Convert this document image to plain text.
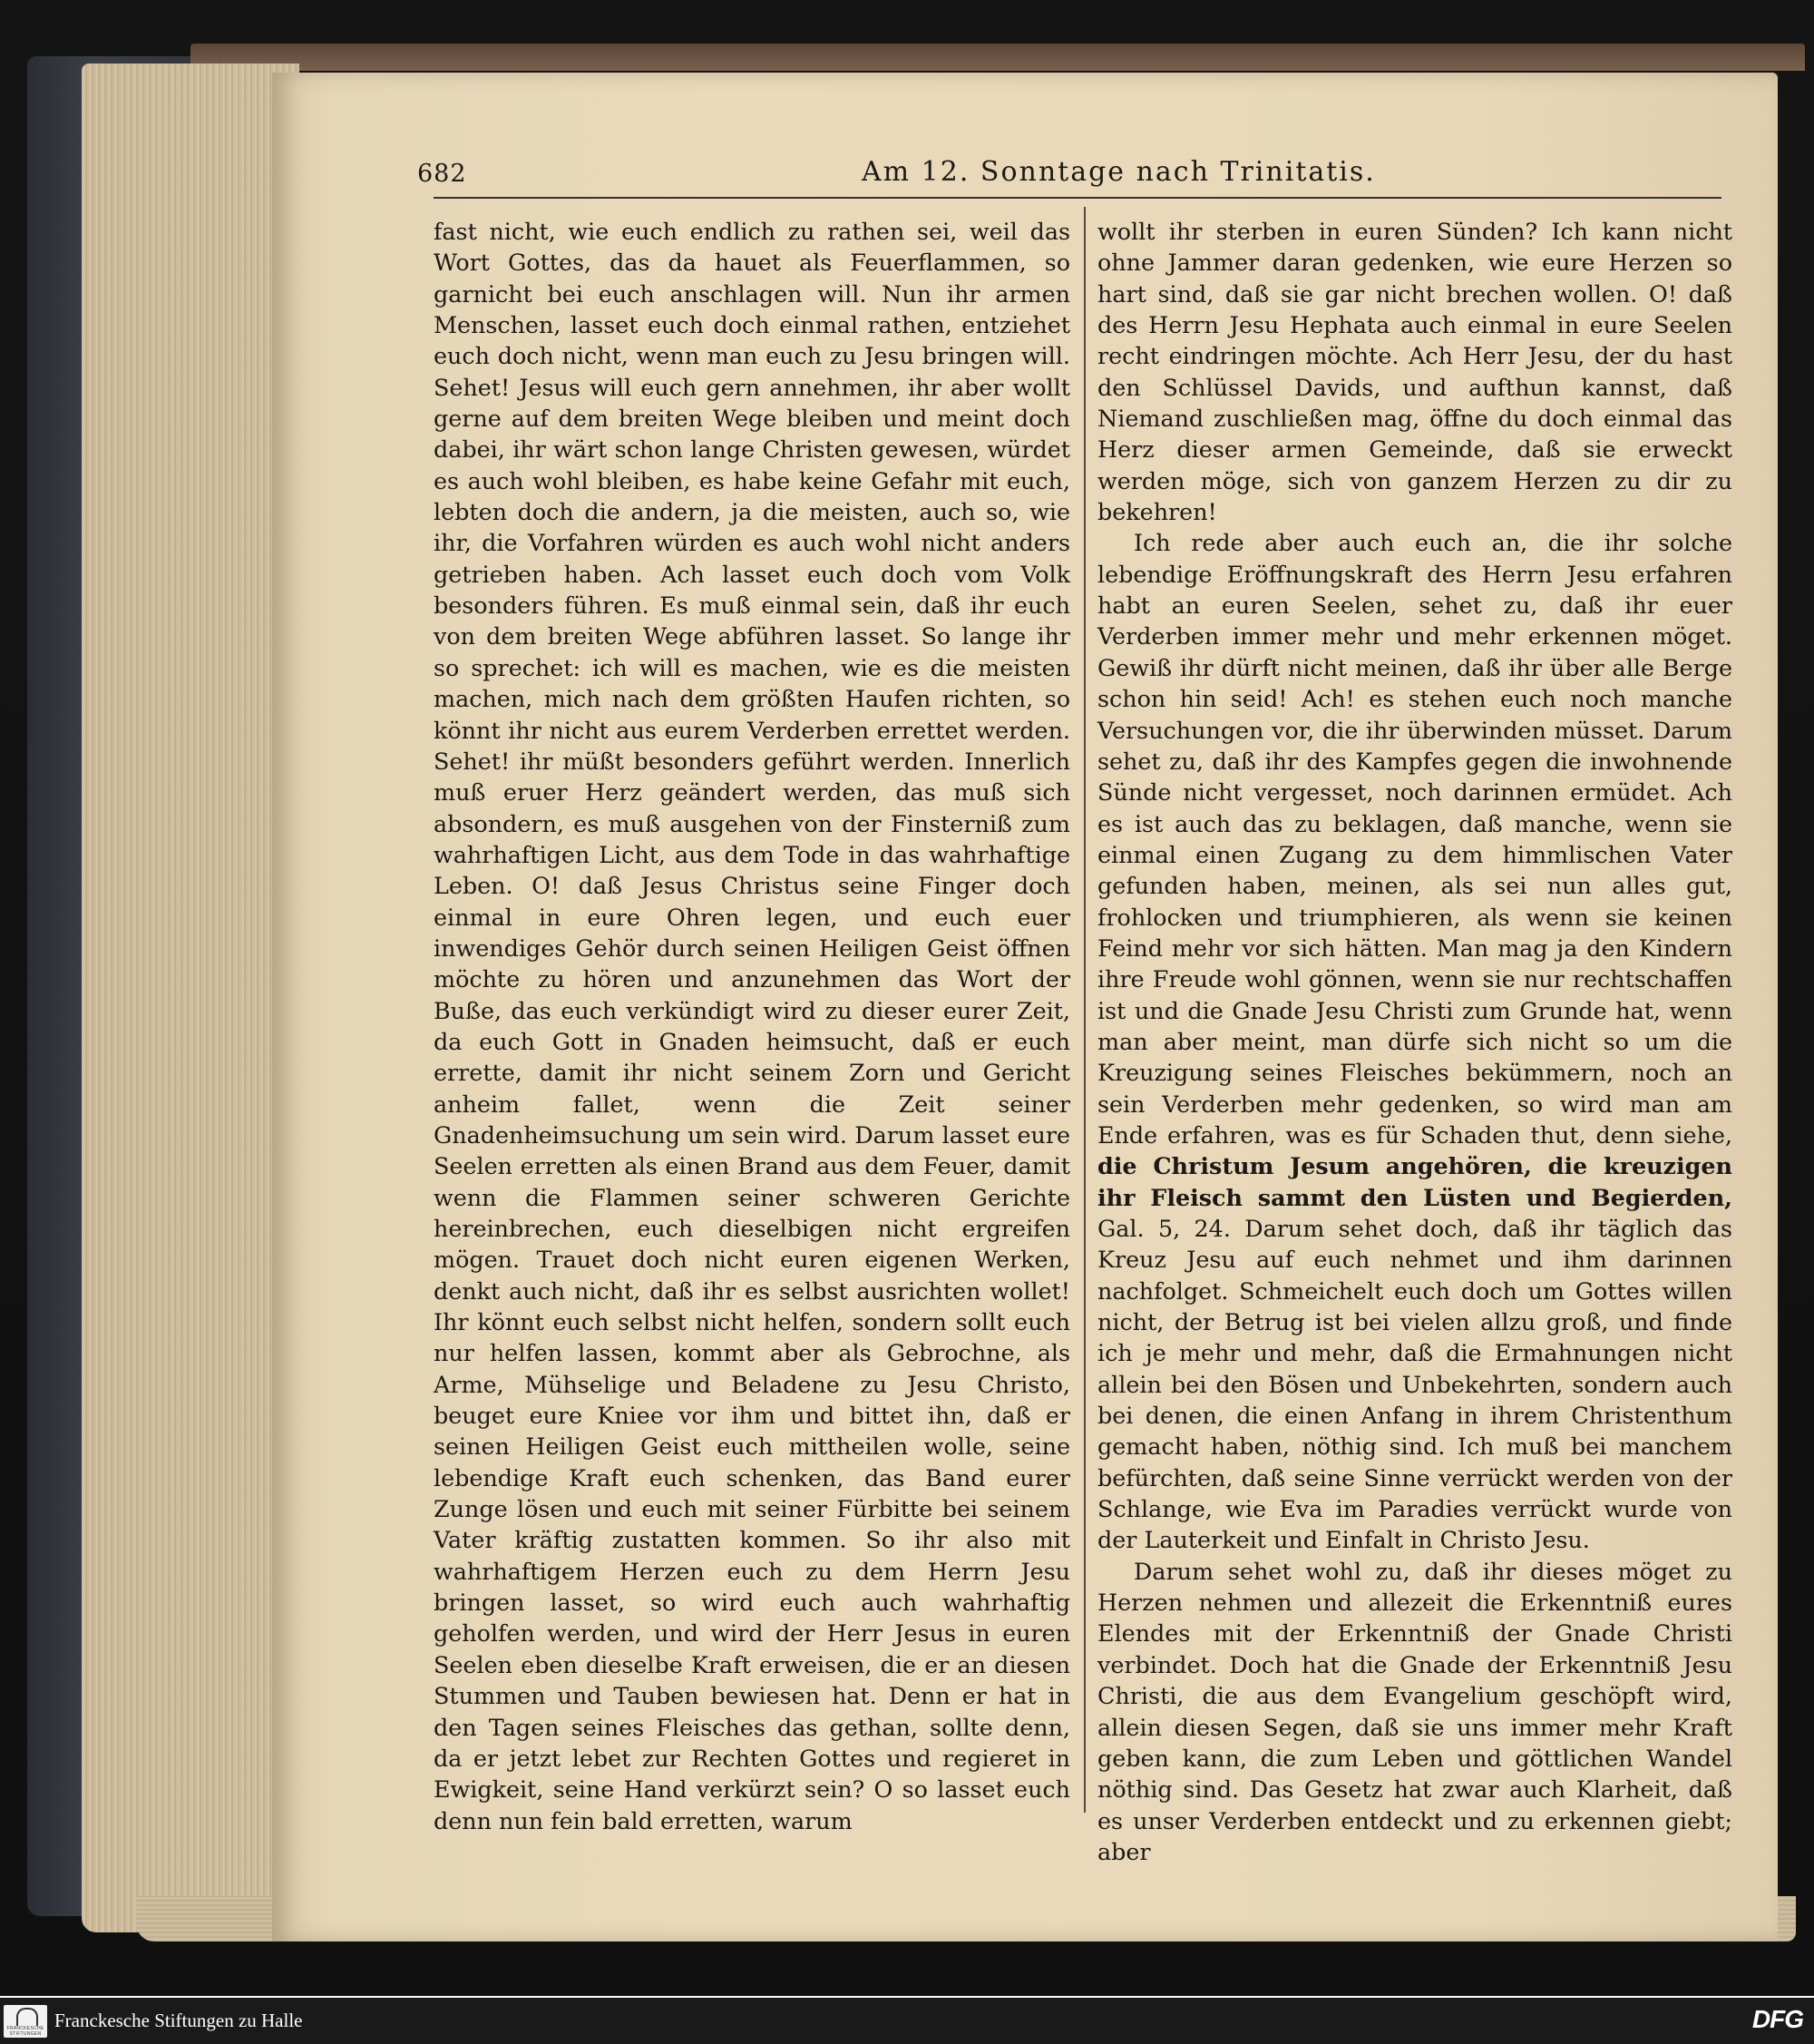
682	Am 12. Sonntage nach Trinitatis.

fast nicht, wie euch endlich zu rathen sei, weil das Wort Gottes, das da hauet als Feuerflammen, so garnicht bei euch anschlagen will. Nun ihr armen Menschen, lasset euch doch einmal rathen, entziehet euch doch nicht, wenn man euch zu Jesu bringen will. Sehet! Jesus will euch gern annehmen, ihr aber wollt gerne auf dem breiten Wege bleiben und meint doch dabei, ihr wärt schon lange Christen gewesen, würdet es auch wohl bleiben, es habe keine Gefahr mit euch, lebten doch die andern, ja die meisten, auch so, wie ihr, die Vorfahren würden es auch wohl nicht anders getrieben haben. Ach lasset euch doch vom Volk besonders führen. Es muß einmal sein, daß ihr euch von dem breiten Wege abführen lasset. So lange ihr so sprechet: ich will es machen, wie es die meisten machen, mich nach dem größten Haufen richten, so könnt ihr nicht aus eurem Verderben errettet werden. Sehet! ihr müßt besonders geführt werden. Innerlich muß eruer Herz geändert werden, das muß sich absondern, es muß ausgehen von der Finsterniß zum wahrhaftigen Licht, aus dem Tode in das wahrhaftige Leben. O! daß Jesus Christus seine Finger doch einmal in eure Ohren legen, und euch euer inwendiges Gehör durch seinen Heiligen Geist öffnen möchte zu hören und anzunehmen das Wort der Buße, das euch verkündigt wird zu dieser eurer Zeit, da euch Gott in Gnaden heimsucht, daß er euch errette, damit ihr nicht seinem Zorn und Gericht anheim fallet, wenn die Zeit seiner Gnadenheimsuchung um sein wird. Darum lasset eure Seelen erretten als einen Brand aus dem Feuer, damit wenn die Flammen seiner schweren Gerichte hereinbrechen, euch dieselbigen nicht ergreifen mögen. Trauet doch nicht euren eigenen Werken, denkt auch nicht, daß ihr es selbst ausrichten wollet! Ihr könnt euch selbst nicht helfen, sondern sollt euch nur helfen lassen, kommt aber als Gebrochne, als Arme, Mühselige und Beladene zu Jesu Christo, beuget eure Kniee vor ihm und bittet ihn, daß er seinen Heiligen Geist euch mittheilen wolle, seine lebendige Kraft euch schenken, das Band eurer Zunge lösen und euch mit seiner Fürbitte bei seinem Vater kräftig zustatten kommen. So ihr also mit wahrhaftigem Herzen euch zu dem Herrn Jesu bringen lasset, so wird euch auch wahrhaftig geholfen werden, und wird der Herr Jesus in euren Seelen eben dieselbe Kraft erweisen, die er an diesen Stummen und Tauben bewiesen hat. Denn er hat in den Tagen seines Fleisches das gethan, sollte denn, da er jetzt lebet zur Rechten Gottes und regieret in Ewigkeit, seine Hand verkürzt sein? O so lasset euch denn nun fein bald erretten, warum

wollt ihr sterben in euren Sünden? Ich kann nicht ohne Jammer daran gedenken, wie eure Herzen so hart sind, daß sie gar nicht brechen wollen. O! daß des Herrn Jesu Hephata auch einmal in eure Seelen recht eindringen möchte. Ach Herr Jesu, der du hast den Schlüssel Davids, und aufthun kannst, daß Niemand zuschließen mag, öffne du doch einmal das Herz dieser armen Gemeinde, daß sie erweckt werden möge, sich von ganzem Herzen zu dir zu bekehren!

Ich rede aber auch euch an, die ihr solche lebendige Eröffnungskraft des Herrn Jesu erfahren habt an euren Seelen, sehet zu, daß ihr euer Verderben immer mehr und mehr erkennen möget. Gewiß ihr dürft nicht meinen, daß ihr über alle Berge schon hin seid! Ach! es stehen euch noch manche Versuchungen vor, die ihr überwinden müsset. Darum sehet zu, daß ihr des Kampfes gegen die inwohnende Sünde nicht vergesset, noch darinnen ermüdet. Ach es ist auch das zu beklagen, daß manche, wenn sie einmal einen Zugang zu dem himmlischen Vater gefunden haben, meinen, als sei nun alles gut, frohlocken und triumphieren, als wenn sie keinen Feind mehr vor sich hätten. Man mag ja den Kindern ihre Freude wohl gönnen, wenn sie nur rechtschaffen ist und die Gnade Jesu Christi zum Grunde hat, wenn man aber meint, man dürfe sich nicht so um die Kreuzigung seines Fleisches bekümmern, noch an sein Verderben mehr gedenken, so wird man am Ende erfahren, was es für Schaden thut, denn siehe, die Christum Jesum angehören, die kreuzigen ihr Fleisch sammt den Lüsten und Begierden, Gal. 5, 24. Darum sehet doch, daß ihr täglich das Kreuz Jesu auf euch nehmet und ihm darinnen nachfolget. Schmeichelt euch doch um Gottes willen nicht, der Betrug ist bei vielen allzu groß, und finde ich je mehr und mehr, daß die Ermahnungen nicht allein bei den Bösen und Unbekehrten, sondern auch bei denen, die einen Anfang in ihrem Christenthum gemacht haben, nöthig sind. Ich muß bei manchem befürchten, daß seine Sinne verrückt werden von der Schlange, wie Eva im Paradies verrückt wurde von der Lauterkeit und Einfalt in Christo Jesu.

Darum sehet wohl zu, daß ihr dieses möget zu Herzen nehmen und allezeit die Erkenntniß eures Elendes mit der Erkenntniß der Gnade Christi verbindet. Doch hat die Gnade der Erkenntniß Jesu Christi, die aus dem Evangelium geschöpft wird, allein diesen Segen, daß sie uns immer mehr Kraft geben kann, die zum Leben und göttlichen Wandel nöthig sind. Das Gesetz hat zwar auch Klarheit, daß es unser Verderben entdeckt und zu erkennen giebt; aber

FRANCKESCHE STIFTUNGEN
Franckesche Stiftungen zu Halle	DFG
